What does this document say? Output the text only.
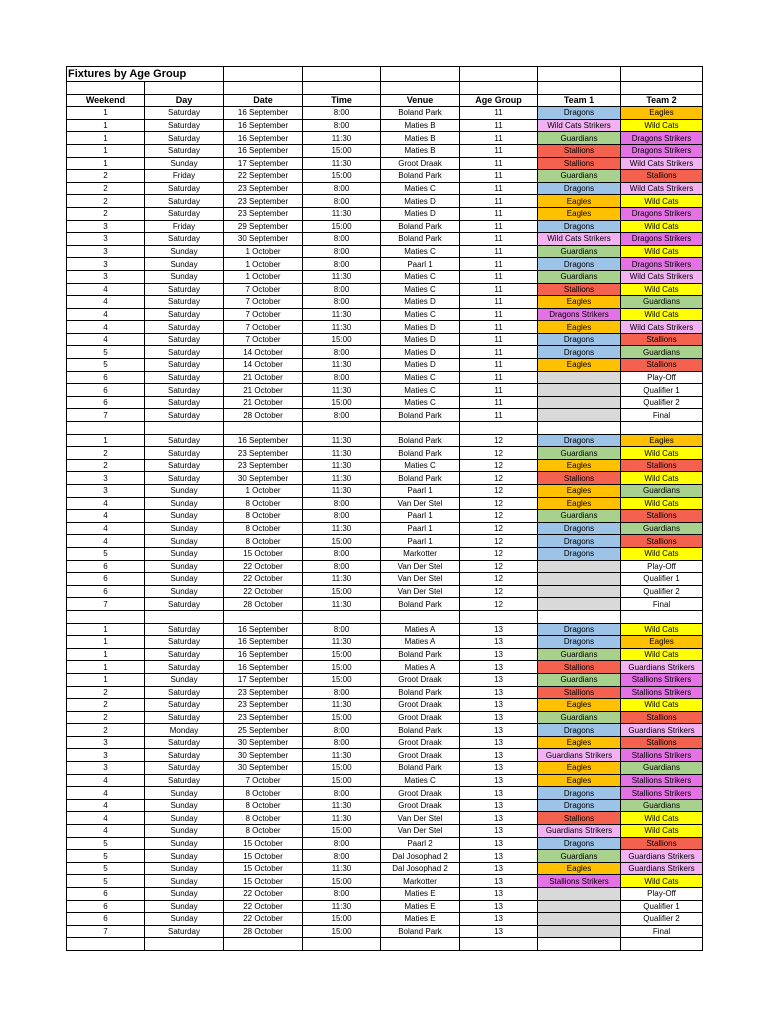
Fixtures by Age Group							

Weekend	Day	Date	Time	Venue	Age Group	Team 1	Team 2
1	Saturday	16 September	8:00	Boland Park	11	Dragons	Eagles
1	Saturday	16 September	8:00	Maties B	11	Wild Cats Strikers	Wild Cats
1	Saturday	16 September	11:30	Maties B	11	Guardians	Dragons Strikers
1	Saturday	16 September	15:00	Maties B	11	Stallions	Dragons Strikers
1	Sunday	17 September	11:30	Groot Draak	11	Stallions	Wild Cats Strikers
2	Friday	22 September	15:00	Boland Park	11	Guardians	Stallions
2	Saturday	23 September	8:00	Maties C	11	Dragons	Wild Cats Strikers
2	Saturday	23 September	8:00	Maties D	11	Eagles	Wild Cats
2	Saturday	23 September	11:30	Maties D	11	Eagles	Dragons Strikers
3	Friday	29 September	15:00	Boland Park	11	Dragons	Wild Cats
3	Saturday	30 September	8:00	Boland Park	11	Wild Cats Strikers	Dragons Strikers
3	Sunday	1 October	8:00	Maties C	11	Guardians	Wild Cats
3	Sunday	1 October	8:00	Paarl 1	11	Dragons	Dragons Strikers
3	Sunday	1 October	11:30	Maties C	11	Guardians	Wild Cats Strikers
4	Saturday	7 October	8:00	Maties C	11	Stallions	Wild Cats
4	Saturday	7 October	8:00	Maties D	11	Eagles	Guardians
4	Saturday	7 October	11:30	Maties C	11	Dragons Strikers	Wild Cats
4	Saturday	7 October	11:30	Maties D	11	Eagles	Wild Cats Strikers
4	Saturday	7 October	15:00	Maties D	11	Dragons	Stallions
5	Saturday	14 October	8:00	Maties D	11	Dragons	Guardians
5	Saturday	14 October	11:30	Maties D	11	Eagles	Stallions
6	Saturday	21 October	8:00	Maties C	11		Play-Off
6	Saturday	21 October	11:30	Maties C	11		Qualifier 1
6	Saturday	21 October	15:00	Maties C	11		Qualifier 2
7	Saturday	28 October	8:00	Boland Park	11		Final

1	Saturday	16 September	11:30	Boland Park	12	Dragons	Eagles
2	Saturday	23 September	11:30	Boland Park	12	Guardians	Wild Cats
2	Saturday	23 September	11:30	Maties C	12	Eagles	Stallions
3	Saturday	30 September	11:30	Boland Park	12	Stallions	Wild Cats
3	Sunday	1 October	11:30	Paarl 1	12	Eagles	Guardians
4	Sunday	8 October	8:00	Van Der Stel	12	Eagles	Wild Cats
4	Sunday	8 October	8:00	Paarl 1	12	Guardians	Stallions
4	Sunday	8 October	11:30	Paarl 1	12	Dragons	Guardians
4	Sunday	8 October	15:00	Paarl 1	12	Dragons	Stallions
5	Sunday	15 October	8:00	Markotter	12	Dragons	Wild Cats
6	Sunday	22 October	8:00	Van Der Stel	12		Play-Off
6	Sunday	22 October	11:30	Van Der Stel	12		Qualifier 1
6	Sunday	22 October	15:00	Van Der Stel	12		Qualifier 2
7	Saturday	28 October	11:30	Boland Park	12		Final

1	Saturday	16 September	8:00	Maties A	13	Dragons	Wild Cats
1	Saturday	16 September	11:30	Maties A	13	Dragons	Eagles
1	Saturday	16 September	15:00	Boland Park	13	Guardians	Wild Cats
1	Saturday	16 September	15:00	Maties A	13	Stallions	Guardians Strikers
1	Sunday	17 September	15:00	Groot Draak	13	Guardians	Stallions Strikers
2	Saturday	23 September	8:00	Boland Park	13	Stallions	Stallions Strikers
2	Saturday	23 September	11:30	Groot Draak	13	Eagles	Wild Cats
2	Saturday	23 September	15:00	Groot Draak	13	Guardians	Stallions
2	Monday	25 September	8:00	Boland Park	13	Dragons	Guardians Strikers
3	Saturday	30 September	8:00	Groot Draak	13	Eagles	Stallions
3	Saturday	30 September	11:30	Groot Draak	13	Guardians Strikers	Stallions Strikers
3	Saturday	30 September	15:00	Boland Park	13	Eagles	Guardians
4	Saturday	7 October	15:00	Maties C	13	Eagles	Stallions Strikers
4	Sunday	8 October	8:00	Groot Draak	13	Dragons	Stallions Strikers
4	Sunday	8 October	11:30	Groot Draak	13	Dragons	Guardians
4	Sunday	8 October	11:30	Van Der Stel	13	Stallions	Wild Cats
4	Sunday	8 October	15:00	Van Der Stel	13	Guardians Strikers	Wild Cats
5	Sunday	15 October	8:00	Paarl 2	13	Dragons	Stallions
5	Sunday	15 October	8:00	Dal Josophad 2	13	Guardians	Guardians Strikers
5	Sunday	15 October	11:30	Dal Josophad 2	13	Eagles	Guardians Strikers
5	Sunday	15 October	15:00	Markotter	13	Stallions Strikers	Wild Cats
6	Sunday	22 October	8:00	Maties E	13		Play-Off
6	Sunday	22 October	11:30	Maties E	13		Qualifier 1
6	Sunday	22 October	15:00	Maties E	13		Qualifier 2
7	Saturday	28 October	15:00	Boland Park	13		Final
